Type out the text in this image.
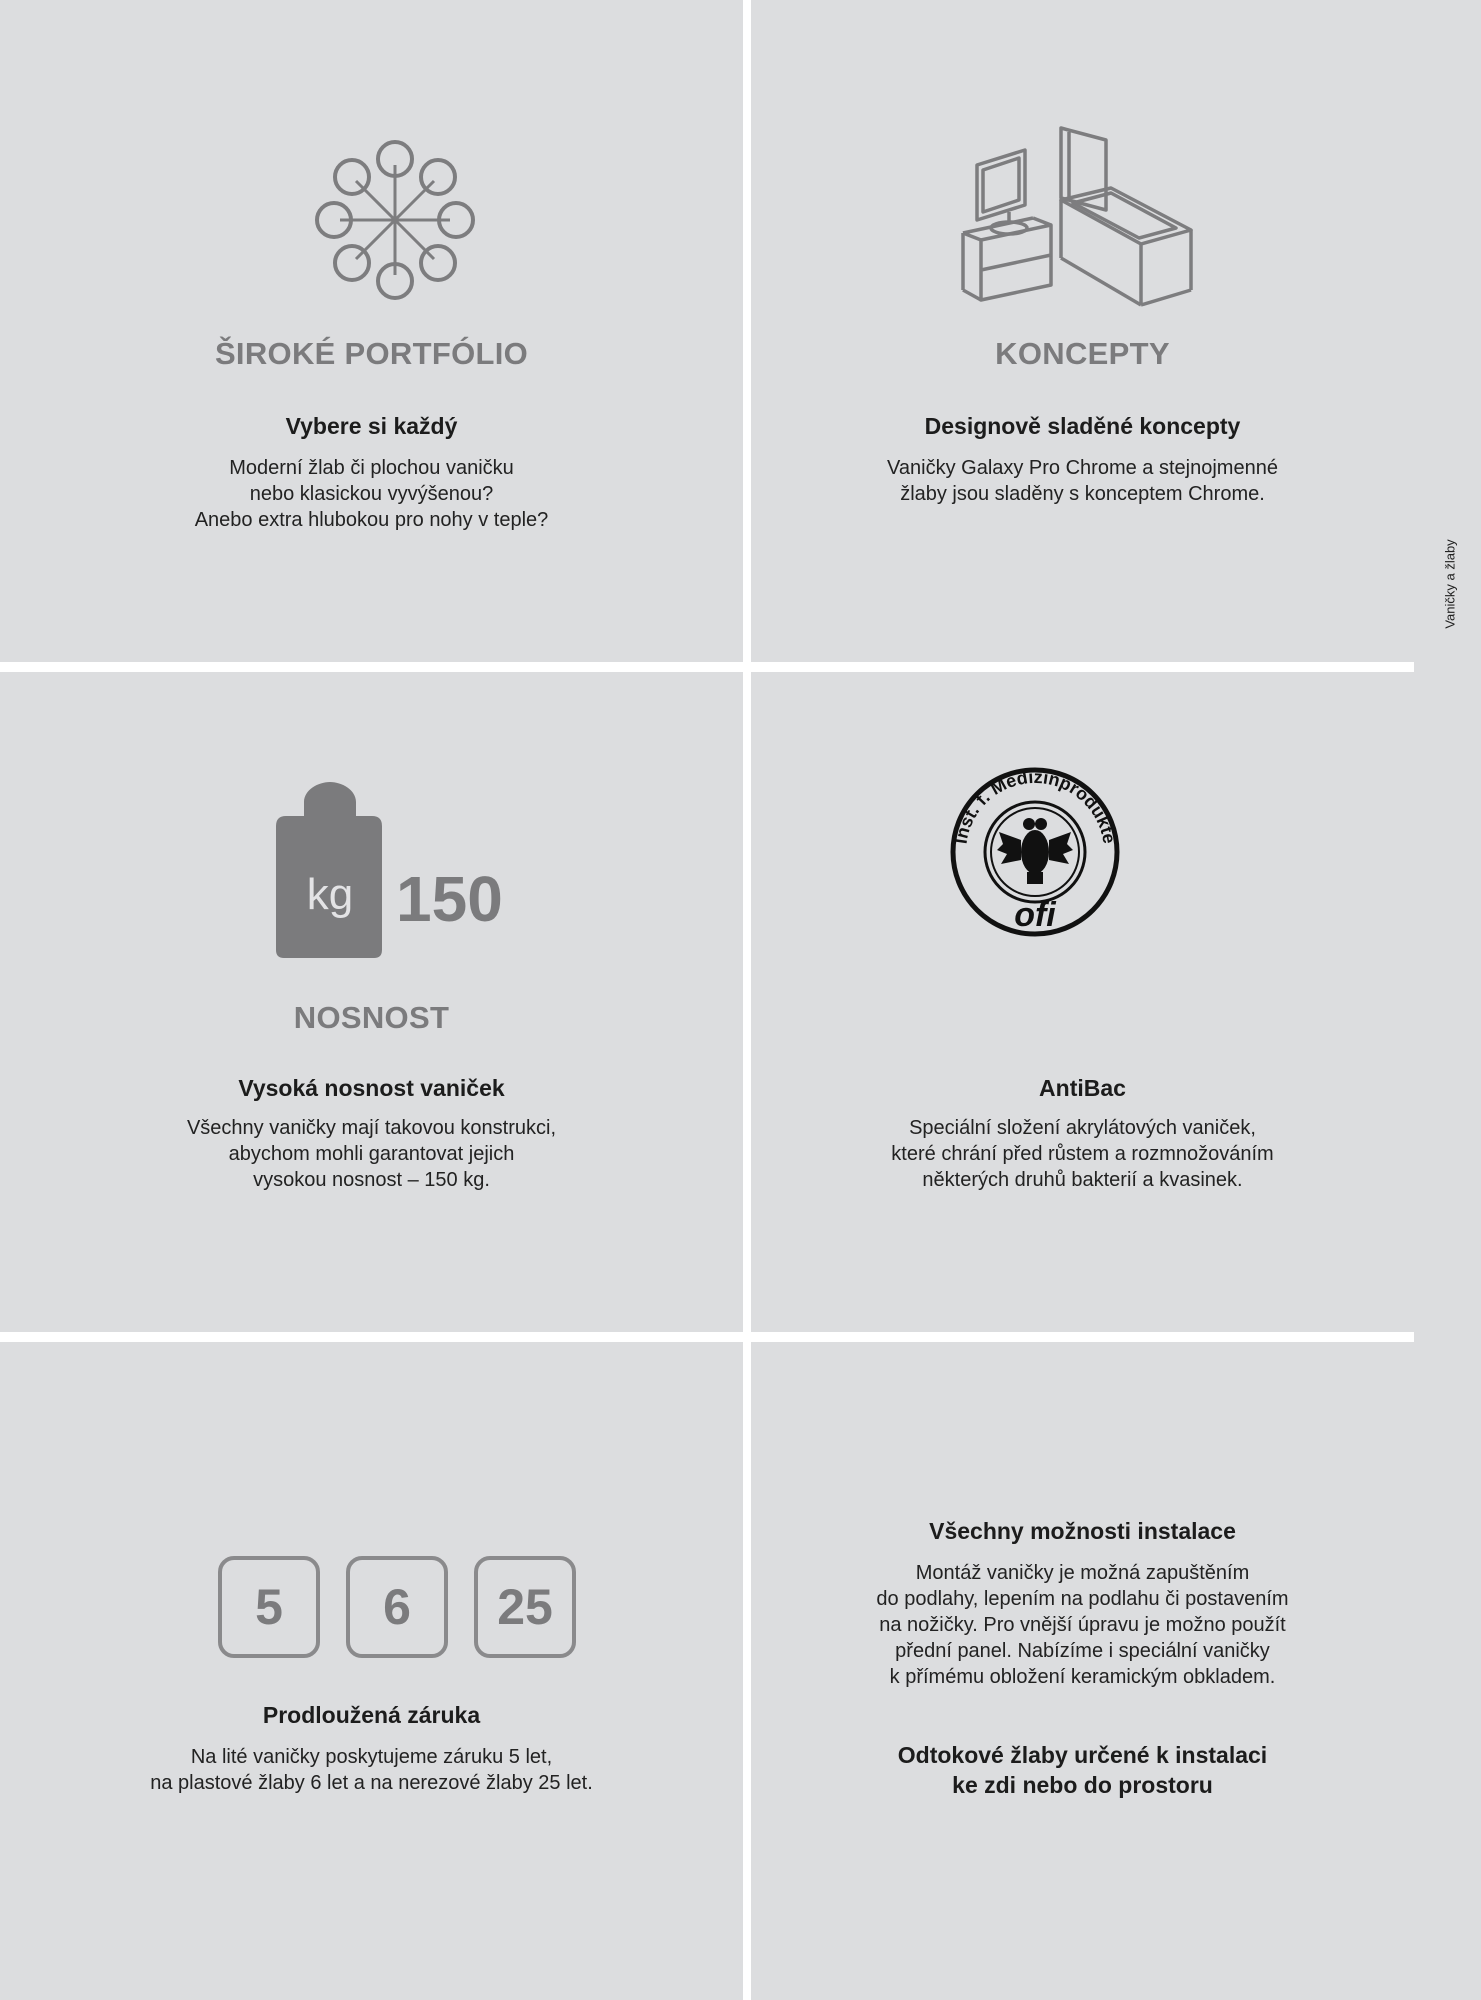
Vaničky a žlaby
ŠIROKÉ PORTFÓLIO
Vybere si každý
Moderní žlab či plochou vaničku
nebo klasickou vyvýšenou?
Anebo extra hlubokou pro nohy v teple?
KONCEPTY
Designově sladěné koncepty
Vaničky Galaxy Pro Chrome a stejnojmenné
žlaby jsou sladěny s konceptem Chrome.
kg 150
NOSNOST
Vysoká nosnost vaniček
Všechny vaničky mají takovou konstrukci,
abychom mohli garantovat jejich
vysokou nosnost – 150 kg.
Inst. f. Medizinprodukte
ofi
AntiBac
Speciální složení akrylátových vaniček,
které chrání před růstem a rozmnožováním
některých druhů bakterií a kvasinek.
5	6	25
Prodloužená záruka
Na lité vaničky poskytujeme záruku 5 let,
na plastové žlaby 6 let a na nerezové žlaby 25 let.
Všechny možnosti instalace
Montáž vaničky je možná zapuštěním
do podlahy, lepením na podlahu či postavením
na nožičky. Pro vnější úpravu je možno použít
přední panel. Nabízíme i speciální vaničky
k přímému obložení keramickým obkladem.
Odtokové žlaby určené k instalaci
ke zdi nebo do prostoru
